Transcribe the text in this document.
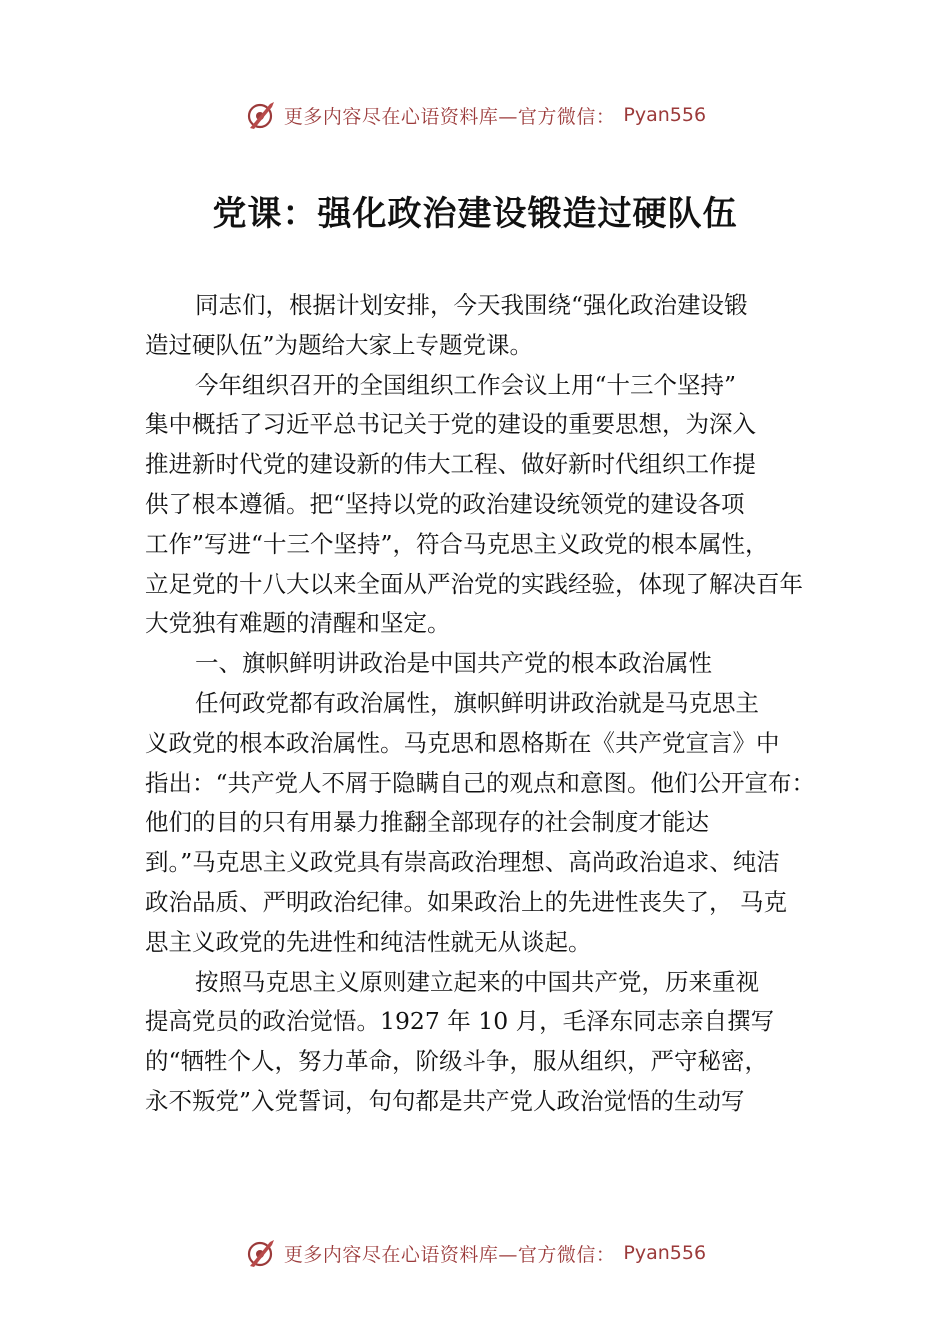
更多内容尽在心语资料库—官方微信： Pyan556
党课：强化政治建设锻造过硬队伍

同志们，根据计划安排，今天我围绕“强化政治建设锻
造过硬队伍”为题给大家上专题党课。

今年组织召开的全国组织工作会议上用“十三个坚持”
集中概括了习近平总书记关于党的建设的重要思想，为深入
推进新时代党的建设新的伟大工程、做好新时代组织工作提
供了根本遵循。把“坚持以党的政治建设统领党的建设各项
工作”写进“十三个坚持”，符合马克思主义政党的根本属性，
立足党的十八大以来全面从严治党的实践经验，体现了解决百年
大党独有难题的清醒和坚定。

一、旗帜鲜明讲政治是中国共产党的根本政治属性

任何政党都有政治属性，旗帜鲜明讲政治就是马克思主
义政党的根本政治属性。马克思和恩格斯在《共产党宣言》中
指出：“共产党人不屑于隐瞒自己的观点和意图。他们公开宣布：
他们的目的只有用暴力推翻全部现存的社会制度才能达
到。”马克思主义政党具有崇高政治理想、高尚政治追求、纯洁
政治品质、严明政治纪律。如果政治上的先进性丧失了， 马克
思主义政党的先进性和纯洁性就无从谈起。

按照马克思主义原则建立起来的中国共产党，历来重视
提高党员的政治觉悟。1927 年 10 月，毛泽东同志亲自撰写
的“牺牲个人，努力革命，阶级斗争，服从组织，严守秘密，
永不叛党”入党誓词，句句都是共产党人政治觉悟的生动写

更多内容尽在心语资料库—官方微信： Pyan556
